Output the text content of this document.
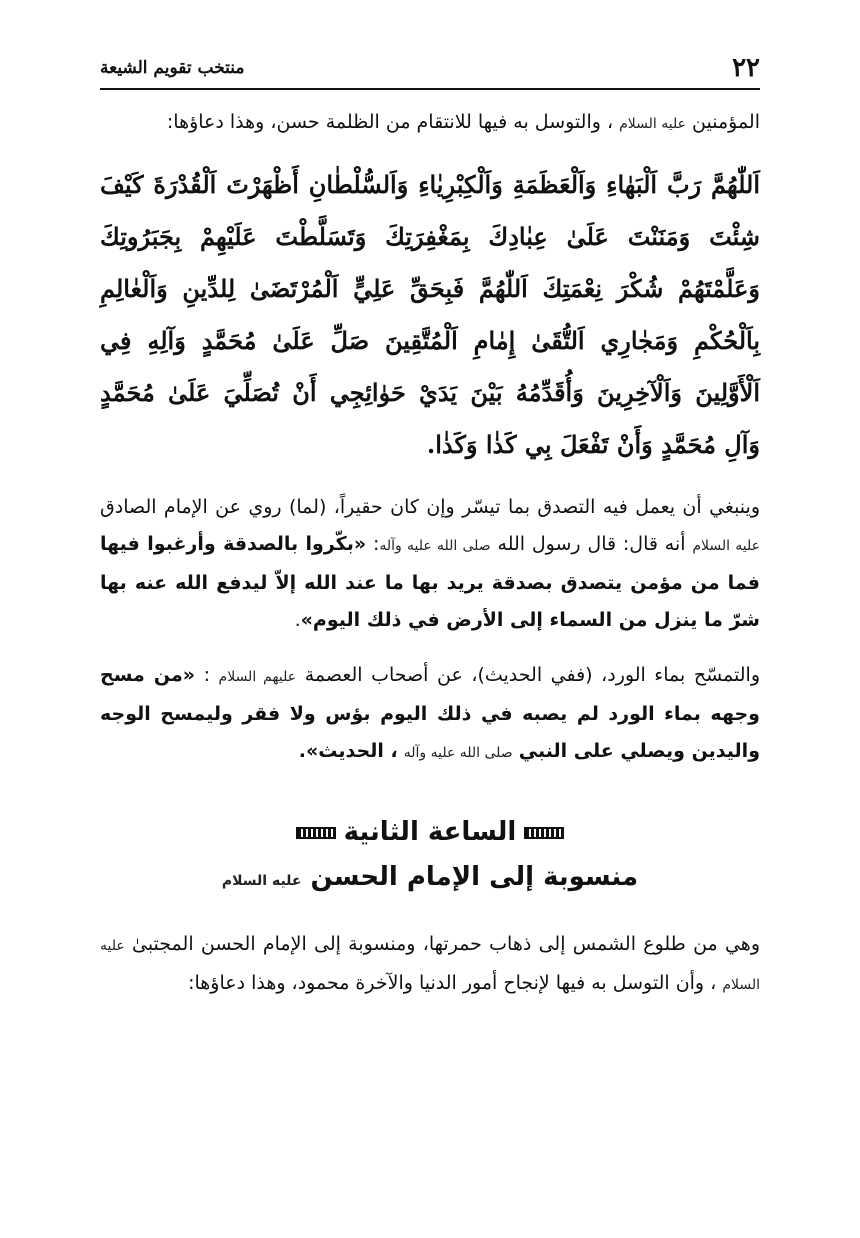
٢٢
منتخب تقويم الشيعة

المؤمنين عليه السلام ، والتوسل به فيها للانتقام من الظلمة حسن، وهذا دعاؤها:

اَللّٰهُمَّ رَبَّ اَلْبَهٰاءِ وَاَلْعَظَمَةِ وَاَلْكِبْرِيٰاءِ وَاَلسُّلْطٰانِ أَظْهَرْتَ اَلْقُدْرَةَ كَيْفَ شِئْتَ وَمَنَنْتَ عَلَىٰ عِبٰادِكَ بِمَغْفِرَتِكَ وَتَسَلَّطْتَ عَلَيْهِمْ بِجَبَرُوتِكَ وَعَلَّمْتَهُمْ شُكْرَ نِعْمَتِكَ اَللّٰهُمَّ فَبِحَقِّ عَلِيٍّ اَلْمُرْتَضَىٰ لِلدِّينِ وَاَلْعٰالِمِ بِاَلْحُكْمِ وَمَجٰارِي اَلتُّقَىٰ إِمٰامِ اَلْمُتَّقِينَ صَلِّ عَلَىٰ مُحَمَّدٍ وَآلِهِ فِي اَلْأَوَّلِينَ وَاَلْآخِرِينَ وَأُقَدِّمُهُ بَيْنَ يَدَيْ حَوٰائِجِي أَنْ تُصَلِّيَ عَلَىٰ مُحَمَّدٍ وَآلِ مُحَمَّدٍ وَأَنْ تَفْعَلَ بِي كَذٰا وَكَذٰا.

وينبغي أن يعمل فيه التصدق بما تيسّر وإن كان حقيراً، (لما) روي عن الإمام الصادق عليه السلام أنه قال: قال رسول الله صلى الله عليه وآله: «بكّروا بالصدقة وأرغبوا فيها فما من مؤمن يتصدق بصدقة يريد بها ما عند الله إلاّ ليدفع الله عنه بها شرّ ما ينزل من السماء إلى الأرض في ذلك اليوم».

والتمسّح بماء الورد، (ففي الحديث)، عن أصحاب العصمة عليهم السلام : «من مسح وجهه بماء الورد لم يصبه في ذلك اليوم بؤس ولا فقر وليمسح الوجه واليدين ويصلي على النبي صلى الله عليه وآله ، الحديث».

الساعة الثانية
منسوبة إلى الإمام الحسن عليه السلام

وهي من طلوع الشمس إلى ذهاب حمرتها، ومنسوبة إلى الإمام الحسن المجتبىٰ عليه السلام ، وأن التوسل به فيها لإنجاح أمور الدنيا والآخرة محمود، وهذا دعاؤها:
